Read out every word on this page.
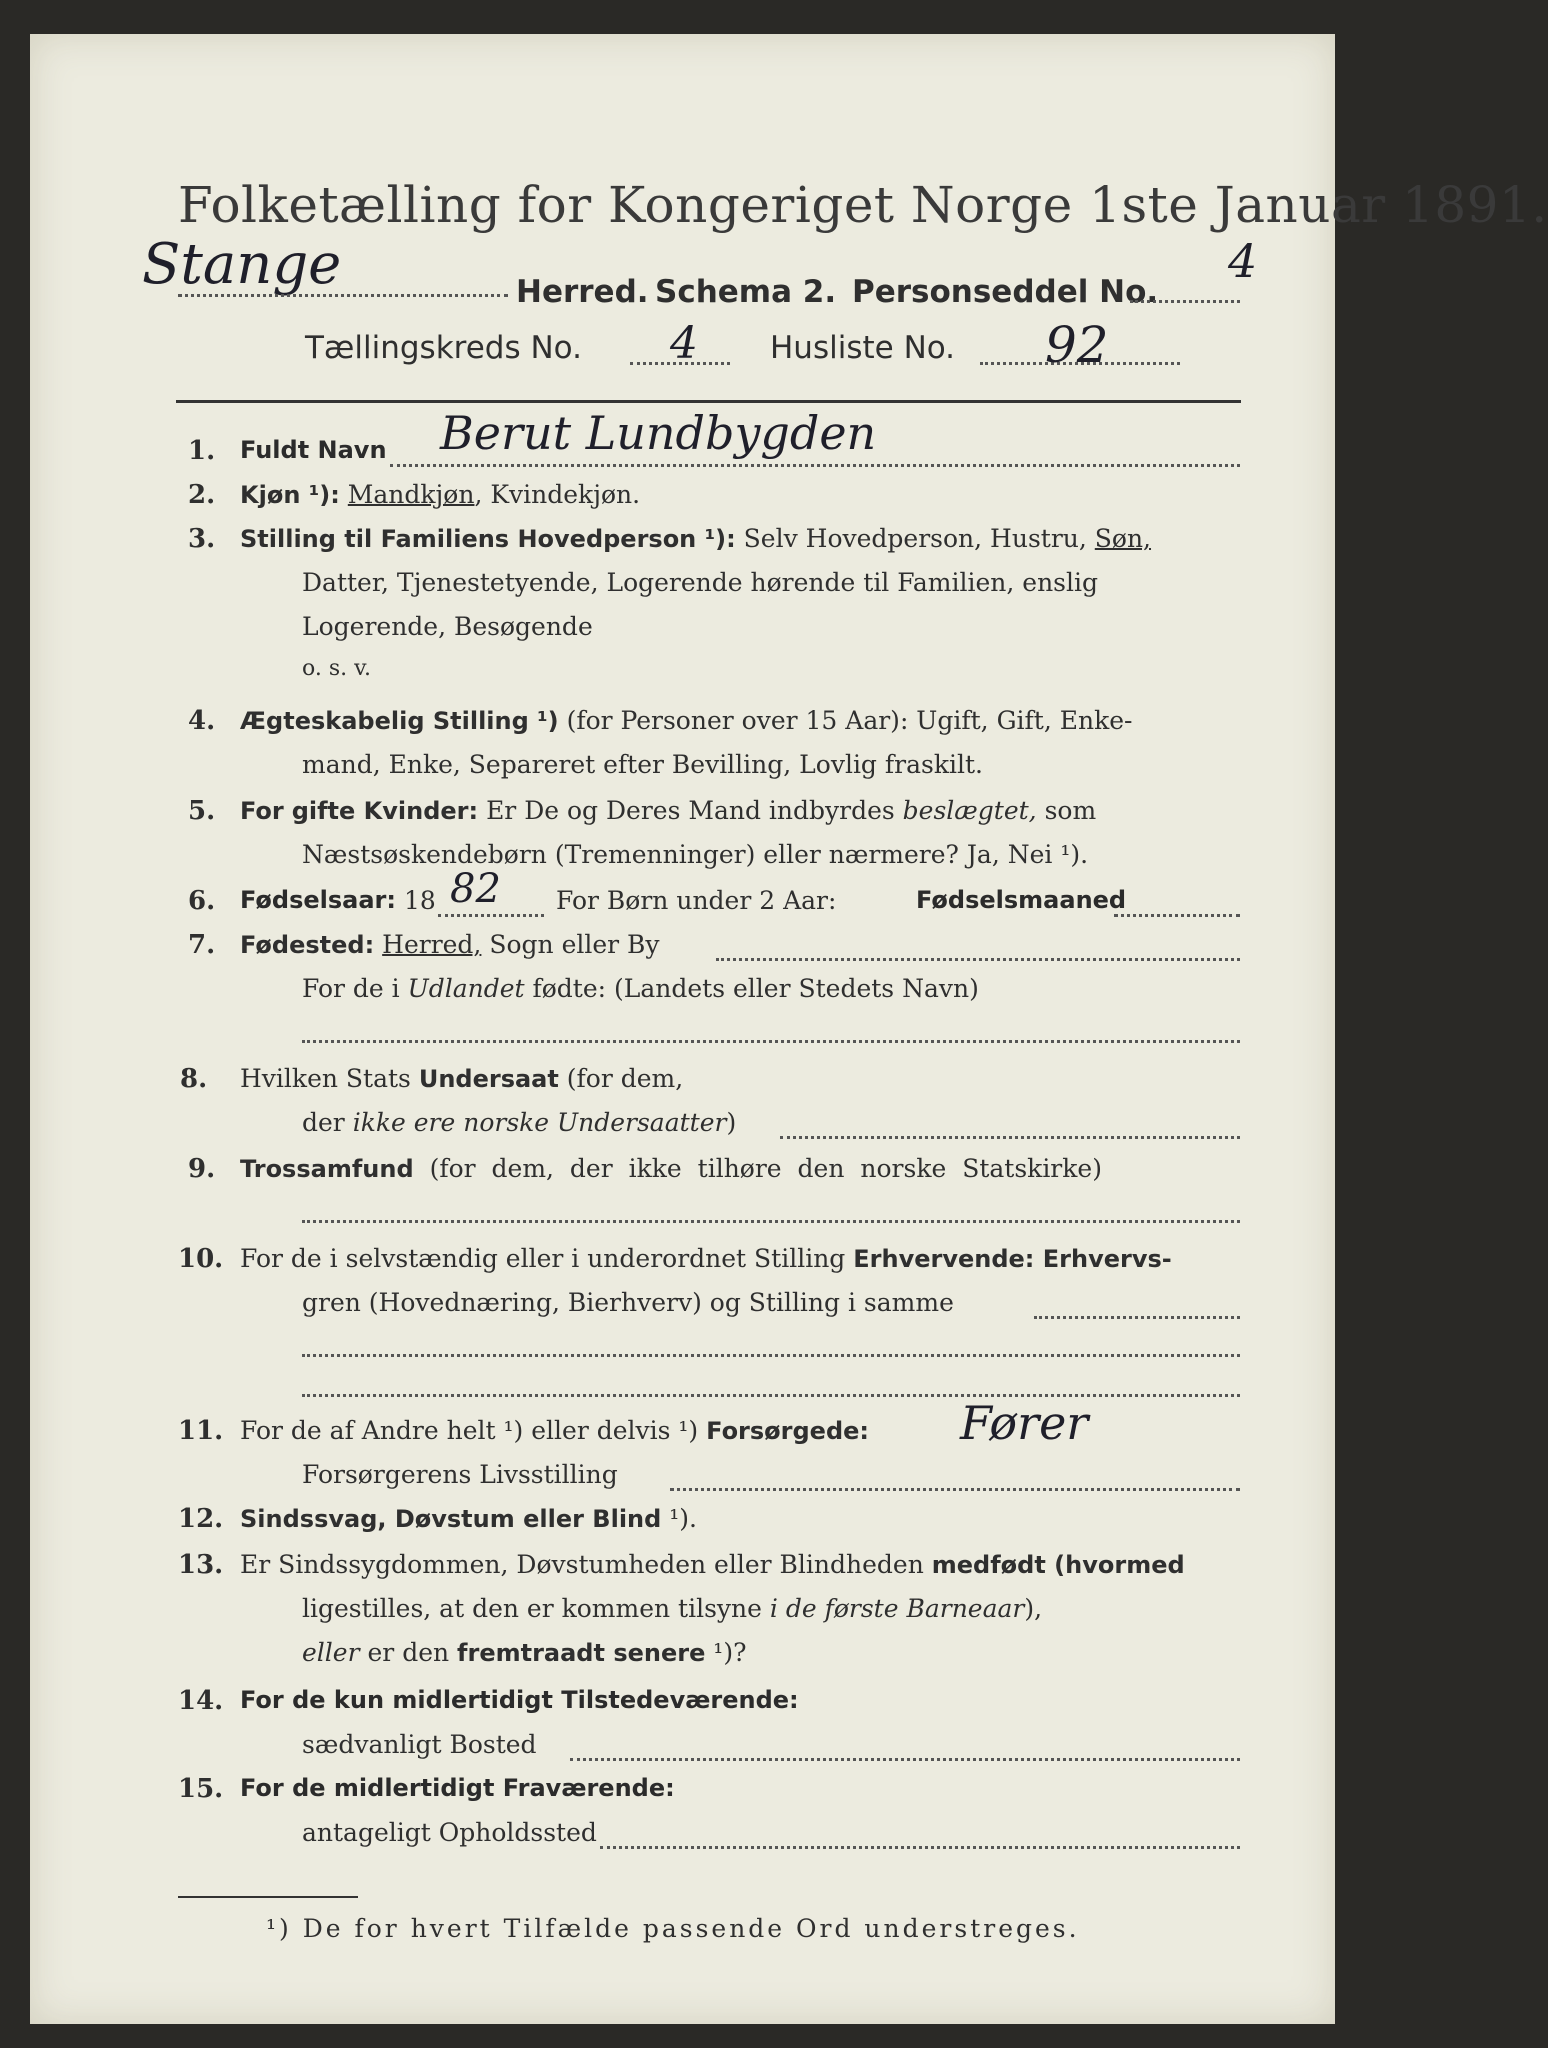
Folketælling for Kongeriget Norge 1ste Januar 1891.
Stange	Herred. Schema 2. Personseddel No.
4
Tællingskreds No. 4 Husliste No. 92
1. Fuldt Navn Berut Lundbygden
2. Kjøn ¹): Mandkjøn, Kvindekjøn.
3. Stilling til Familiens Hovedperson ¹): Selv Hovedperson, Hustru, Søn,
Datter, Tjenestetyende, Logerende hørende til Familien, enslig
Logerende, Besøgende
o. s. v.
4. Ægteskabelig Stilling ¹) (for Personer over 15 Aar): Ugift, Gift, Enke-
mand, Enke, Separeret efter Bevilling, Lovlig fraskilt.
5. For gifte Kvinder: Er De og Deres Mand indbyrdes beslægtet, som
Næstsøskendebørn (Tremenninger) eller nærmere? Ja, Nei ¹).
6. Fødselsaar: 18 82 For Børn under 2 Aar:	Fødselsmaaned
7. Fødested: Herred, Sogn eller By
For de i Udlandet fødte: (Landets eller Stedets Navn)
8. Hvilken Stats Undersaat (for dem,
der ikke ere norske Undersaatter)
9. Trossamfund (for dem, der ikke tilhøre den norske Statskirke)
10. For de i selvstændig eller i underordnet Stilling Erhvervende: Erhvervs-
gren (Hovednæring, Bierhverv) og Stilling i samme
11. For de af Andre helt ¹) eller delvis ¹) Forsørgede: Fører
Forsørgerens Livsstilling
12. Sindssvag, Døvstum eller Blind ¹).
13. Er Sindssygdommen, Døvstumheden eller Blindheden medfødt (hvormed
ligestilles, at den er kommen tilsyne i de første Barneaar),
eller er den fremtraadt senere ¹)?
14. For de kun midlertidigt Tilstedeværende:
sædvanligt Bosted
15. For de midlertidigt Fraværende:
antageligt Opholdssted
¹) De for hvert Tilfælde passende Ord understreges.
